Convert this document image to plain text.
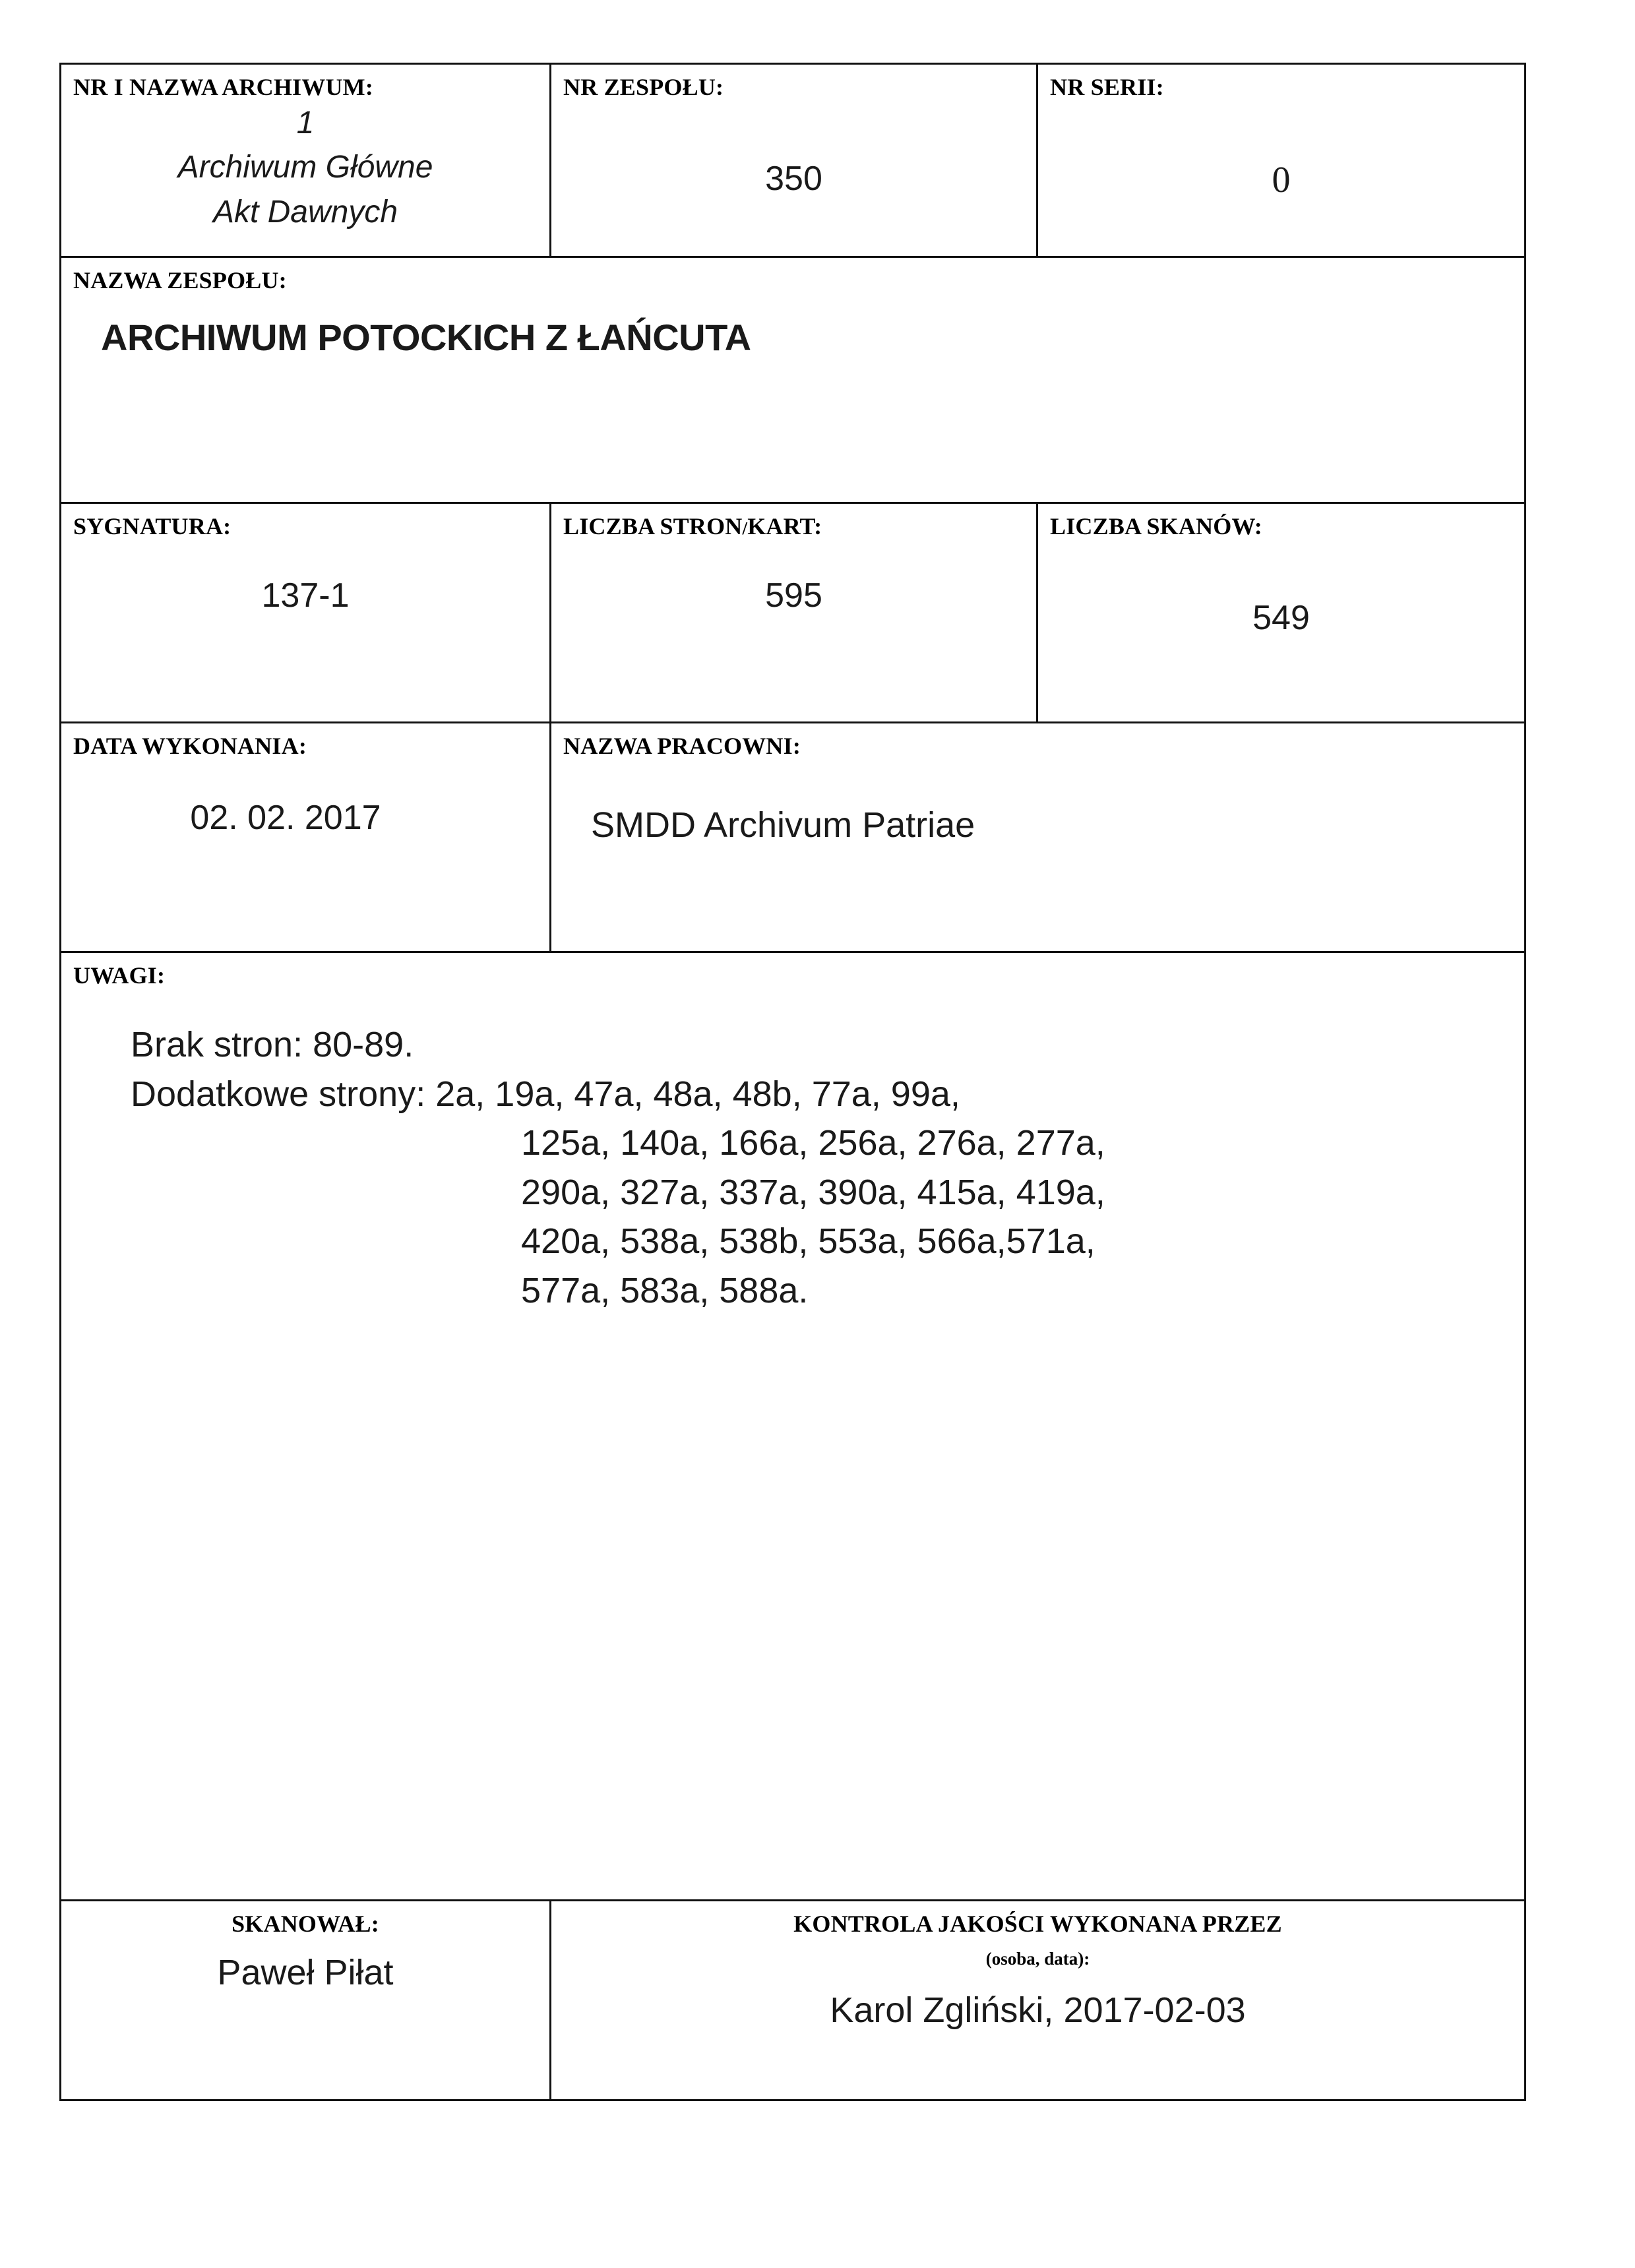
NR I NAZWA ARCHIWUM:
1
Archiwum Główne
Akt Dawnych

NR ZESPOŁU:
350

NR SERII:
0

NAZWA ZESPOŁU:
ARCHIWUM POTOCKICH Z ŁAŃCUTA		

SYGNATURA:
137-1

LICZBA STRON/KART:
595

LICZBA SKANÓW:
549

DATA WYKONANIA:
02. 02. 2017

NAZWA PRACOWNI:
SMDD Archivum Patriae

UWAGI:
Brak stron: 80-89.
Dodatkowe strony: 2a, 19a, 47a, 48a, 48b, 77a, 99a,
125a, 140a, 166a, 256a, 276a, 277a,
290a, 327a, 337a, 390a, 415a, 419a,
420a, 538a, 538b, 553a, 566a,571a,
577a, 583a, 588a.

SKANOWAŁ:
Paweł Piłat

KONTROLA JAKOŚCI WYKONANA PRZEZ
(osoba, data):
Karol Zgliński, 2017-02-03
